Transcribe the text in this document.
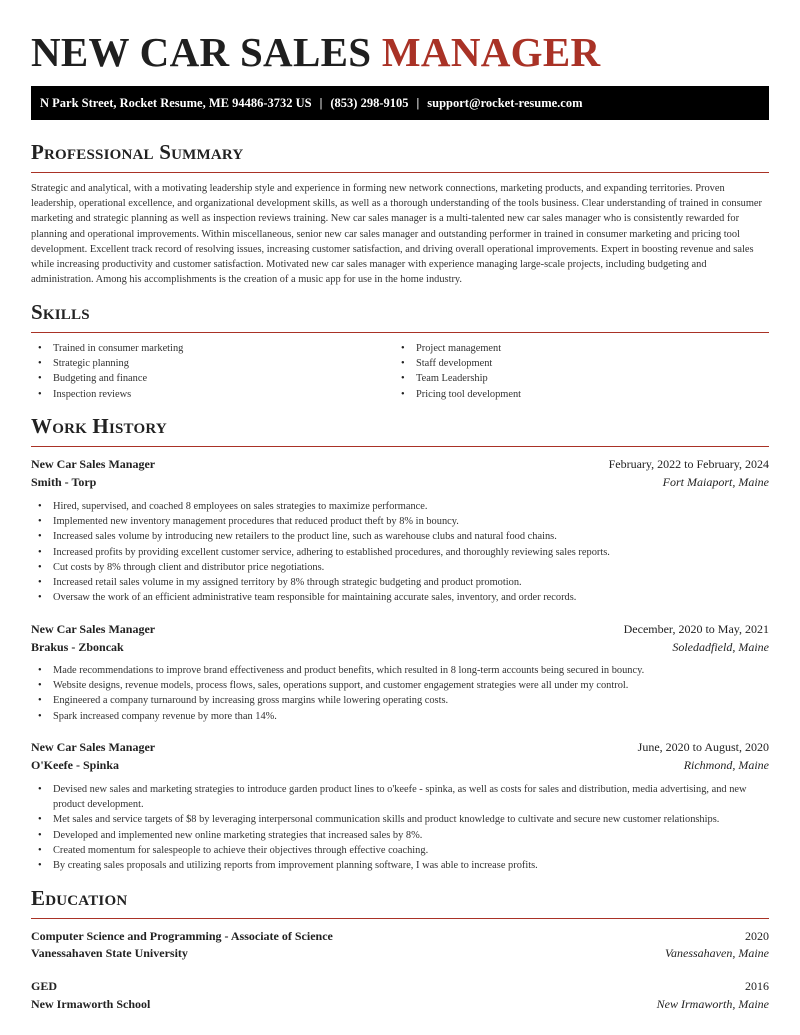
NEW CAR SALES MANAGER
N Park Street, Rocket Resume, ME 94486-3732 US | (853) 298-9105 | support@rocket-resume.com
Professional Summary

Strategic and analytical, with a motivating leadership style and experience in forming new network connections, marketing products, and expanding territories. Proven leadership, operational excellence, and organizational development skills, as well as a thorough understanding of the tools business. Clear understanding of trained in consumer marketing and strategic planning as well as inspection reviews training. New car sales manager is a multi-talented new car sales manager who is consistently rewarded for planning and operational improvements. Within miscellaneous, senior new car sales manager and outstanding performer in trained in consumer marketing and pricing tool development. Excellent track record of resolving issues, increasing customer satisfaction, and driving overall operational improvements. Expert in boosting revenue and sales while increasing productivity and customer satisfaction. Motivated new car sales manager with experience managing large-scale projects, including budgeting and administration. Among his accomplishments is the creation of a music app for use in the home industry.

Skills
• Trained in consumer marketing
• Strategic planning
• Budgeting and finance
• Inspection reviews
• Project management
• Staff development
• Team Leadership
• Pricing tool development
Work History
New Car Sales Manager	February, 2022 to February, 2024
Smith - Torp	Fort Maiaport, Maine
• Hired, supervised, and coached 8 employees on sales strategies to maximize performance.
• Implemented new inventory management procedures that reduced product theft by 8% in bouncy.
• Increased sales volume by introducing new retailers to the product line, such as warehouse clubs and natural food chains.
• Increased profits by providing excellent customer service, adhering to established procedures, and thoroughly reviewing sales reports.
• Cut costs by 8% through client and distributor price negotiations.
• Increased retail sales volume in my assigned territory by 8% through strategic budgeting and product promotion.
• Oversaw the work of an efficient administrative team responsible for maintaining accurate sales, inventory, and order records.
New Car Sales Manager	December, 2020 to May, 2021
Brakus - Zboncak	Soledadfield, Maine
• Made recommendations to improve brand effectiveness and product benefits, which resulted in 8 long-term accounts being secured in bouncy.
• Website designs, revenue models, process flows, sales, operations support, and customer engagement strategies were all under my control.
• Engineered a company turnaround by increasing gross margins while lowering operating costs.
• Spark increased company revenue by more than 14%.
New Car Sales Manager	June, 2020 to August, 2020
O'Keefe - Spinka	Richmond, Maine
• Devised new sales and marketing strategies to introduce garden product lines to o'keefe - spinka, as well as costs for sales and distribution, media advertising, and new product development.
• Met sales and service targets of $8 by leveraging interpersonal communication skills and product knowledge to cultivate and secure new customer relationships.
• Developed and implemented new online marketing strategies that increased sales by 8%.
• Created momentum for salespeople to achieve their objectives through effective coaching.
• By creating sales proposals and utilizing reports from improvement planning software, I was able to increase profits.
Education
Computer Science and Programming - Associate of Science	2020
Vanessahaven State University	Vanessahaven, Maine
GED	2016
New Irmaworth School	New Irmaworth, Maine
